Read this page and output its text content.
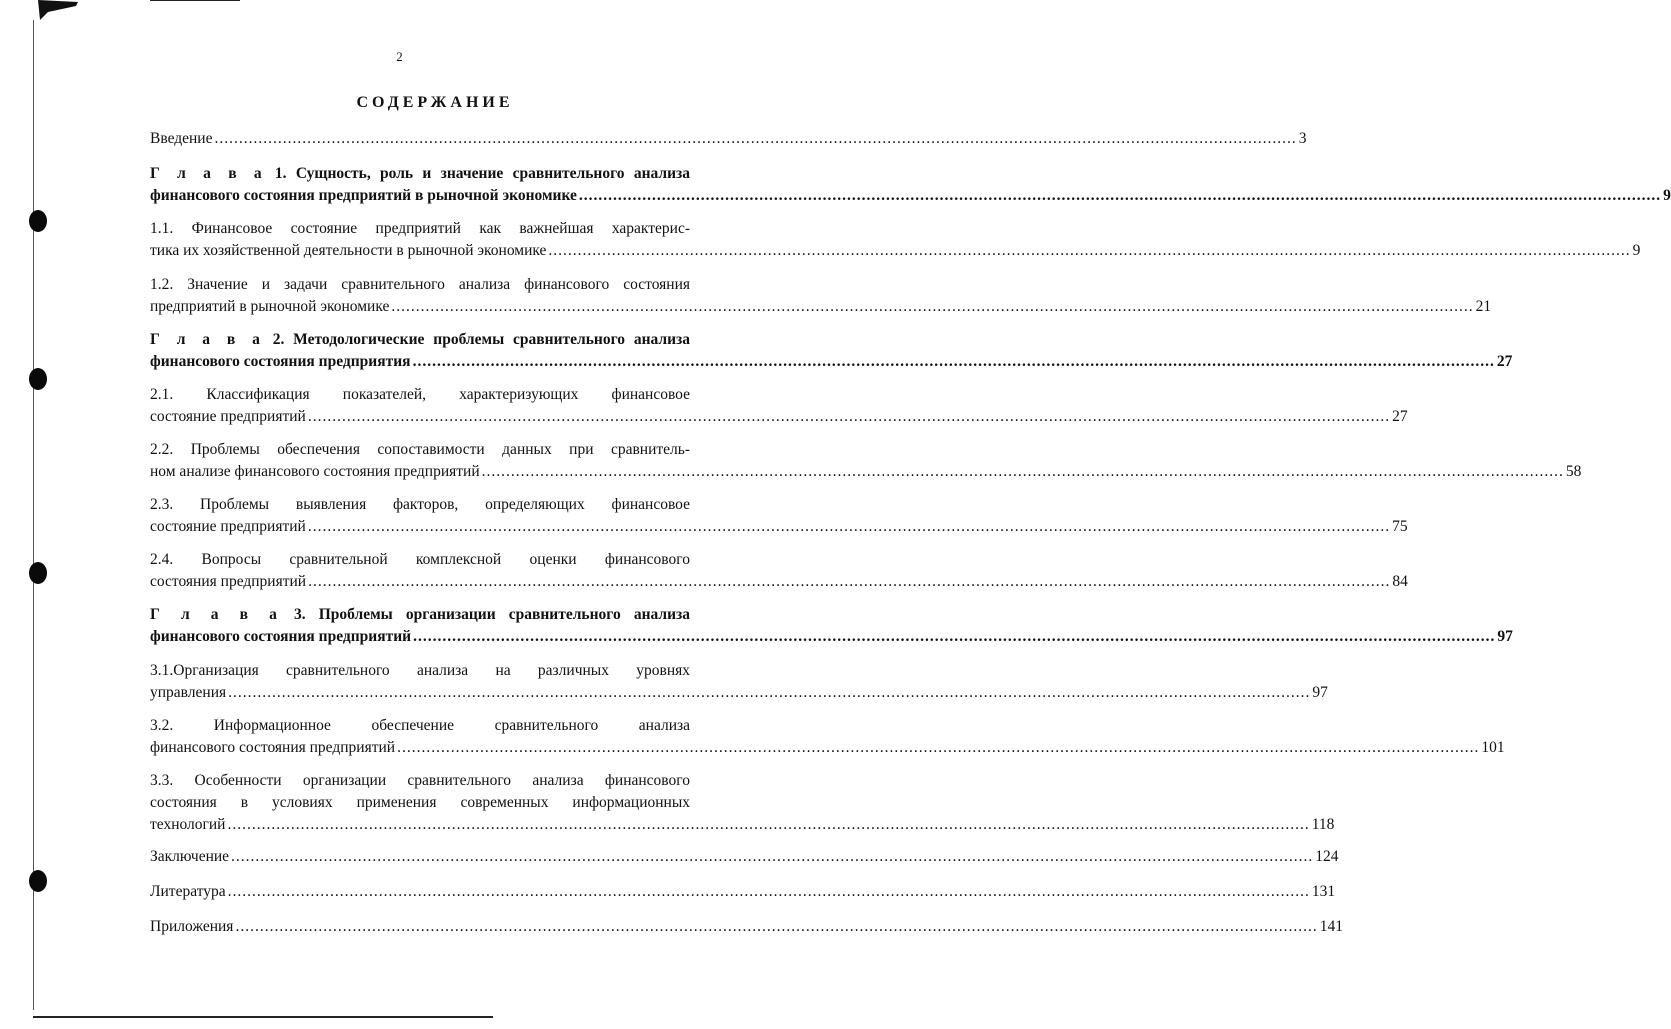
2
СОДЕРЖАНИЕ
Введение .............................................................................................................................................................................................................................. 3
Г л а в а 1. Сущность, роль и значение сравнительного анализа
финансового состояния предприятий в рыночной экономике .............................................................................................................................................................................................................................. 9
1.1. Финансовое состояние предприятий как важнейшая характерис-
тика их хозяйственной деятельности в рыночной экономике .............................................................................................................................................................................................................................. 9
1.2. Значение и задачи сравнительного анализа финансового состояния
предприятий в рыночной экономике .............................................................................................................................................................................................................................. 21
Г л а в а 2. Методологические проблемы сравнительного анализа
финансового состояния предприятия .............................................................................................................................................................................................................................. 27
2.1. Классификация показателей, характеризующих финансовое
состояние предприятий .............................................................................................................................................................................................................................. 27
2.2. Проблемы обеспечения сопоставимости данных при сравнитель-
ном анализе финансового состояния предприятий .............................................................................................................................................................................................................................. 58
2.3. Проблемы выявления факторов, определяющих финансовое
состояние предприятий .............................................................................................................................................................................................................................. 75
2.4. Вопросы сравнительной комплексной оценки финансового
состояния предприятий .............................................................................................................................................................................................................................. 84
Г л а в а 3. Проблемы организации сравнительного анализа
финансового состояния предприятий .............................................................................................................................................................................................................................. 97
3.1.Организация сравнительного анализа на различных уровнях
управления .............................................................................................................................................................................................................................. 97
3.2. Информационное обеспечение сравнительного анализа
финансового состояния предприятий .............................................................................................................................................................................................................................. 101
3.3. Особенности организации сравнительного анализа финансового
состояния в условиях применения современных информационных
технологий .............................................................................................................................................................................................................................. 118
Заключение .............................................................................................................................................................................................................................. 124
Литература .............................................................................................................................................................................................................................. 131
Приложения .............................................................................................................................................................................................................................. 141
